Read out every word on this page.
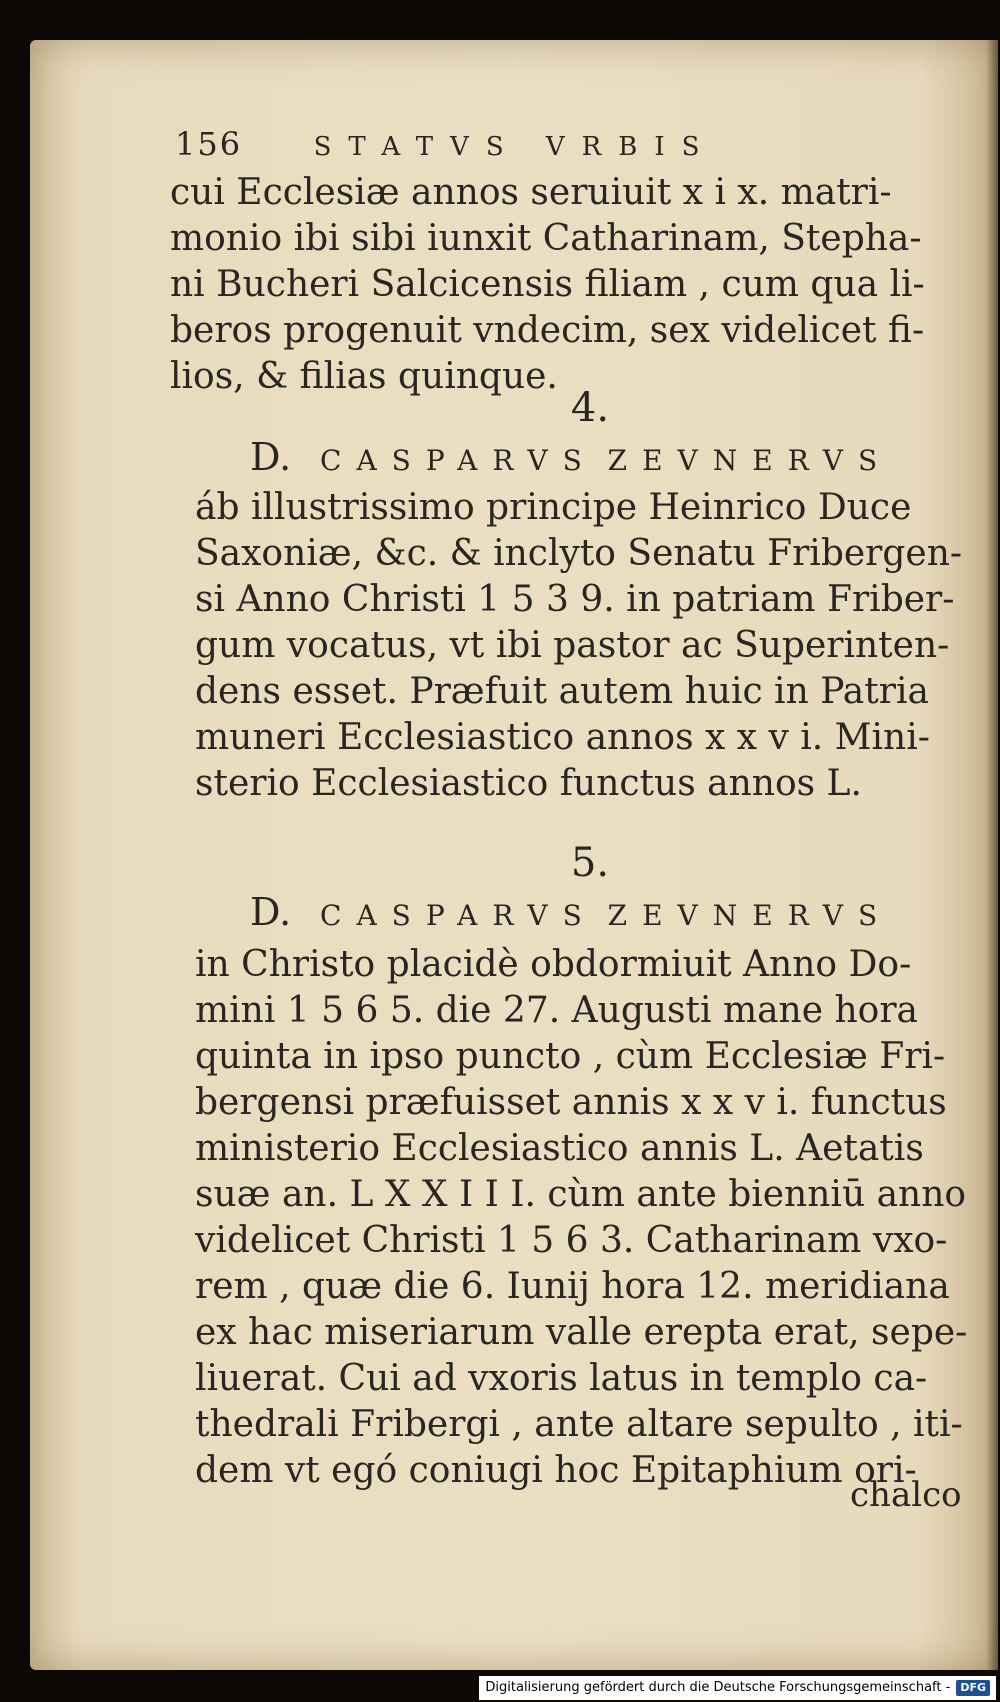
156	STATVS VRBIS
cui Ecclesiæ annos seruiuit x i x. matri-
monio ibi sibi iunxit Catharinam, Stepha-
ni Bucheri Salcicensis filiam , cum qua li-
beros progenuit vndecim, sex videlicet fi-
lios, & filias quinque.
4.
D. CASPARVS ZEVNERVS
áb illustrissimo principe Heinrico Duce
Saxoniæ, &c. & inclyto Senatu Fribergen-
si Anno Christi 1 5 3 9. in patriam Friber-
gum vocatus, vt ibi pastor ac Superinten-
dens esset. Præfuit autem huic in Patria
muneri Ecclesiastico annos x x v i. Mini-
sterio Ecclesiastico functus annos L.
5.
D. CASPARVS ZEVNERVS
in Christo placidè obdormiuit Anno Do-
mini 1 5 6 5. die 27. Augusti mane hora
quinta in ipso puncto , cùm Ecclesiæ Fri-
bergensi præfuisset annis x x v i. functus
ministerio Ecclesiastico annis L. Aetatis
suæ an. L X X I I I. cùm ante bienniū anno
videlicet Christi 1 5 6 3. Catharinam vxo-
rem , quæ die 6. Iunij hora 12. meridiana
ex hac miseriarum valle erepta erat, sepe-
liuerat. Cui ad vxoris latus in templo ca-
thedrali Fribergi , ante altare sepulto , iti-
dem vt egó coniugi hoc Epitaphium ori-
chalco
Digitalisierung gefördert durch die Deutsche Forschungsgemeinschaft - DFG
